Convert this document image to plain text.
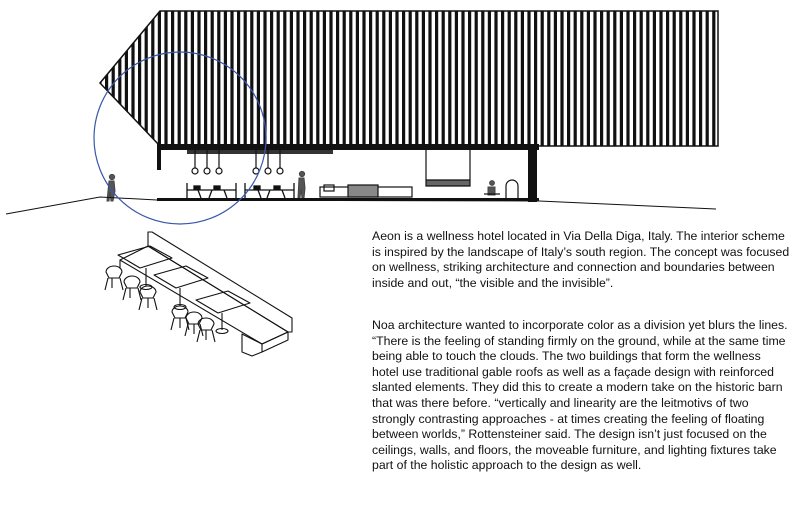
Aeon is a wellness hotel located in Via Della Diga, Italy. The interior scheme is inspired by the landscape of Italy’s south region. The concept was focused on wellness, striking architecture and connection and boundaries between inside and out, “the visible and the invisible”.

Noa architecture wanted to incorporate color as a division yet blurs the lines. “There is the feeling of standing firmly on the ground, while at the same time being able to touch the clouds. The two buildings that form the wellness hotel use traditional gable roofs as well as a façade design with reinforced slanted elements. They did this to create a modern take on the historic barn that was there before. “vertically and linearity are the leitmotivs of two strongly contrasting approaches - at times creating the feeling of floating between worlds,” Rottensteiner said. The design isn’t just focused on the ceilings, walls, and floors, the moveable furniture, and lighting fixtures take part of the holistic approach to the design as well.
